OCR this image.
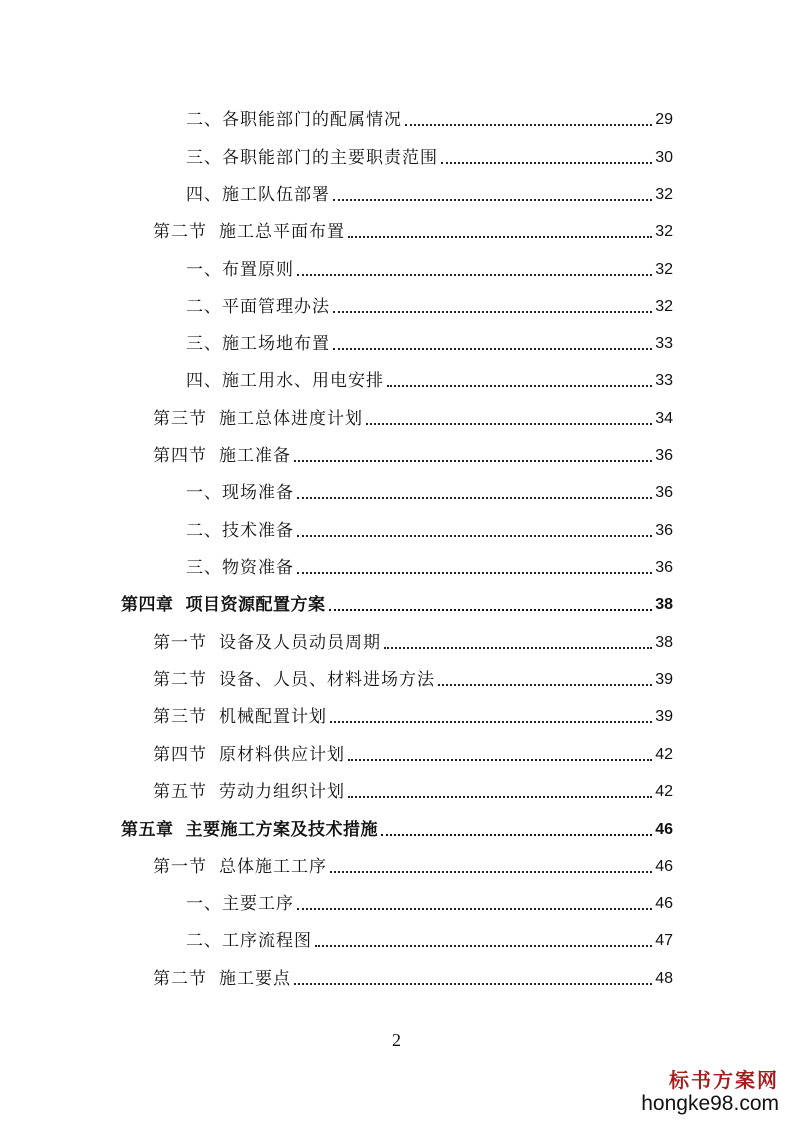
二、各职能部门的配属情况	29
三、各职能部门的主要职责范围	30
四、施工队伍部署	32
第二节 施工总平面布置	32
一、布置原则	32
二、平面管理办法	32
三、施工场地布置	33
四、施工用水、用电安排	33
第三节 施工总体进度计划	34
第四节 施工准备	36
一、现场准备	36
二、技术准备	36
三、物资准备	36
第四章 项目资源配置方案	38
第一节 设备及人员动员周期	38
第二节 设备、人员、材料进场方法	39
第三节 机械配置计划	39
第四节 原材料供应计划	42
第五节 劳动力组织计划	42
第五章 主要施工方案及技术措施	46
第一节 总体施工工序	46
一、主要工序	46
二、工序流程图	47
第二节 施工要点	48
2
标书方案网
hongke98.com
